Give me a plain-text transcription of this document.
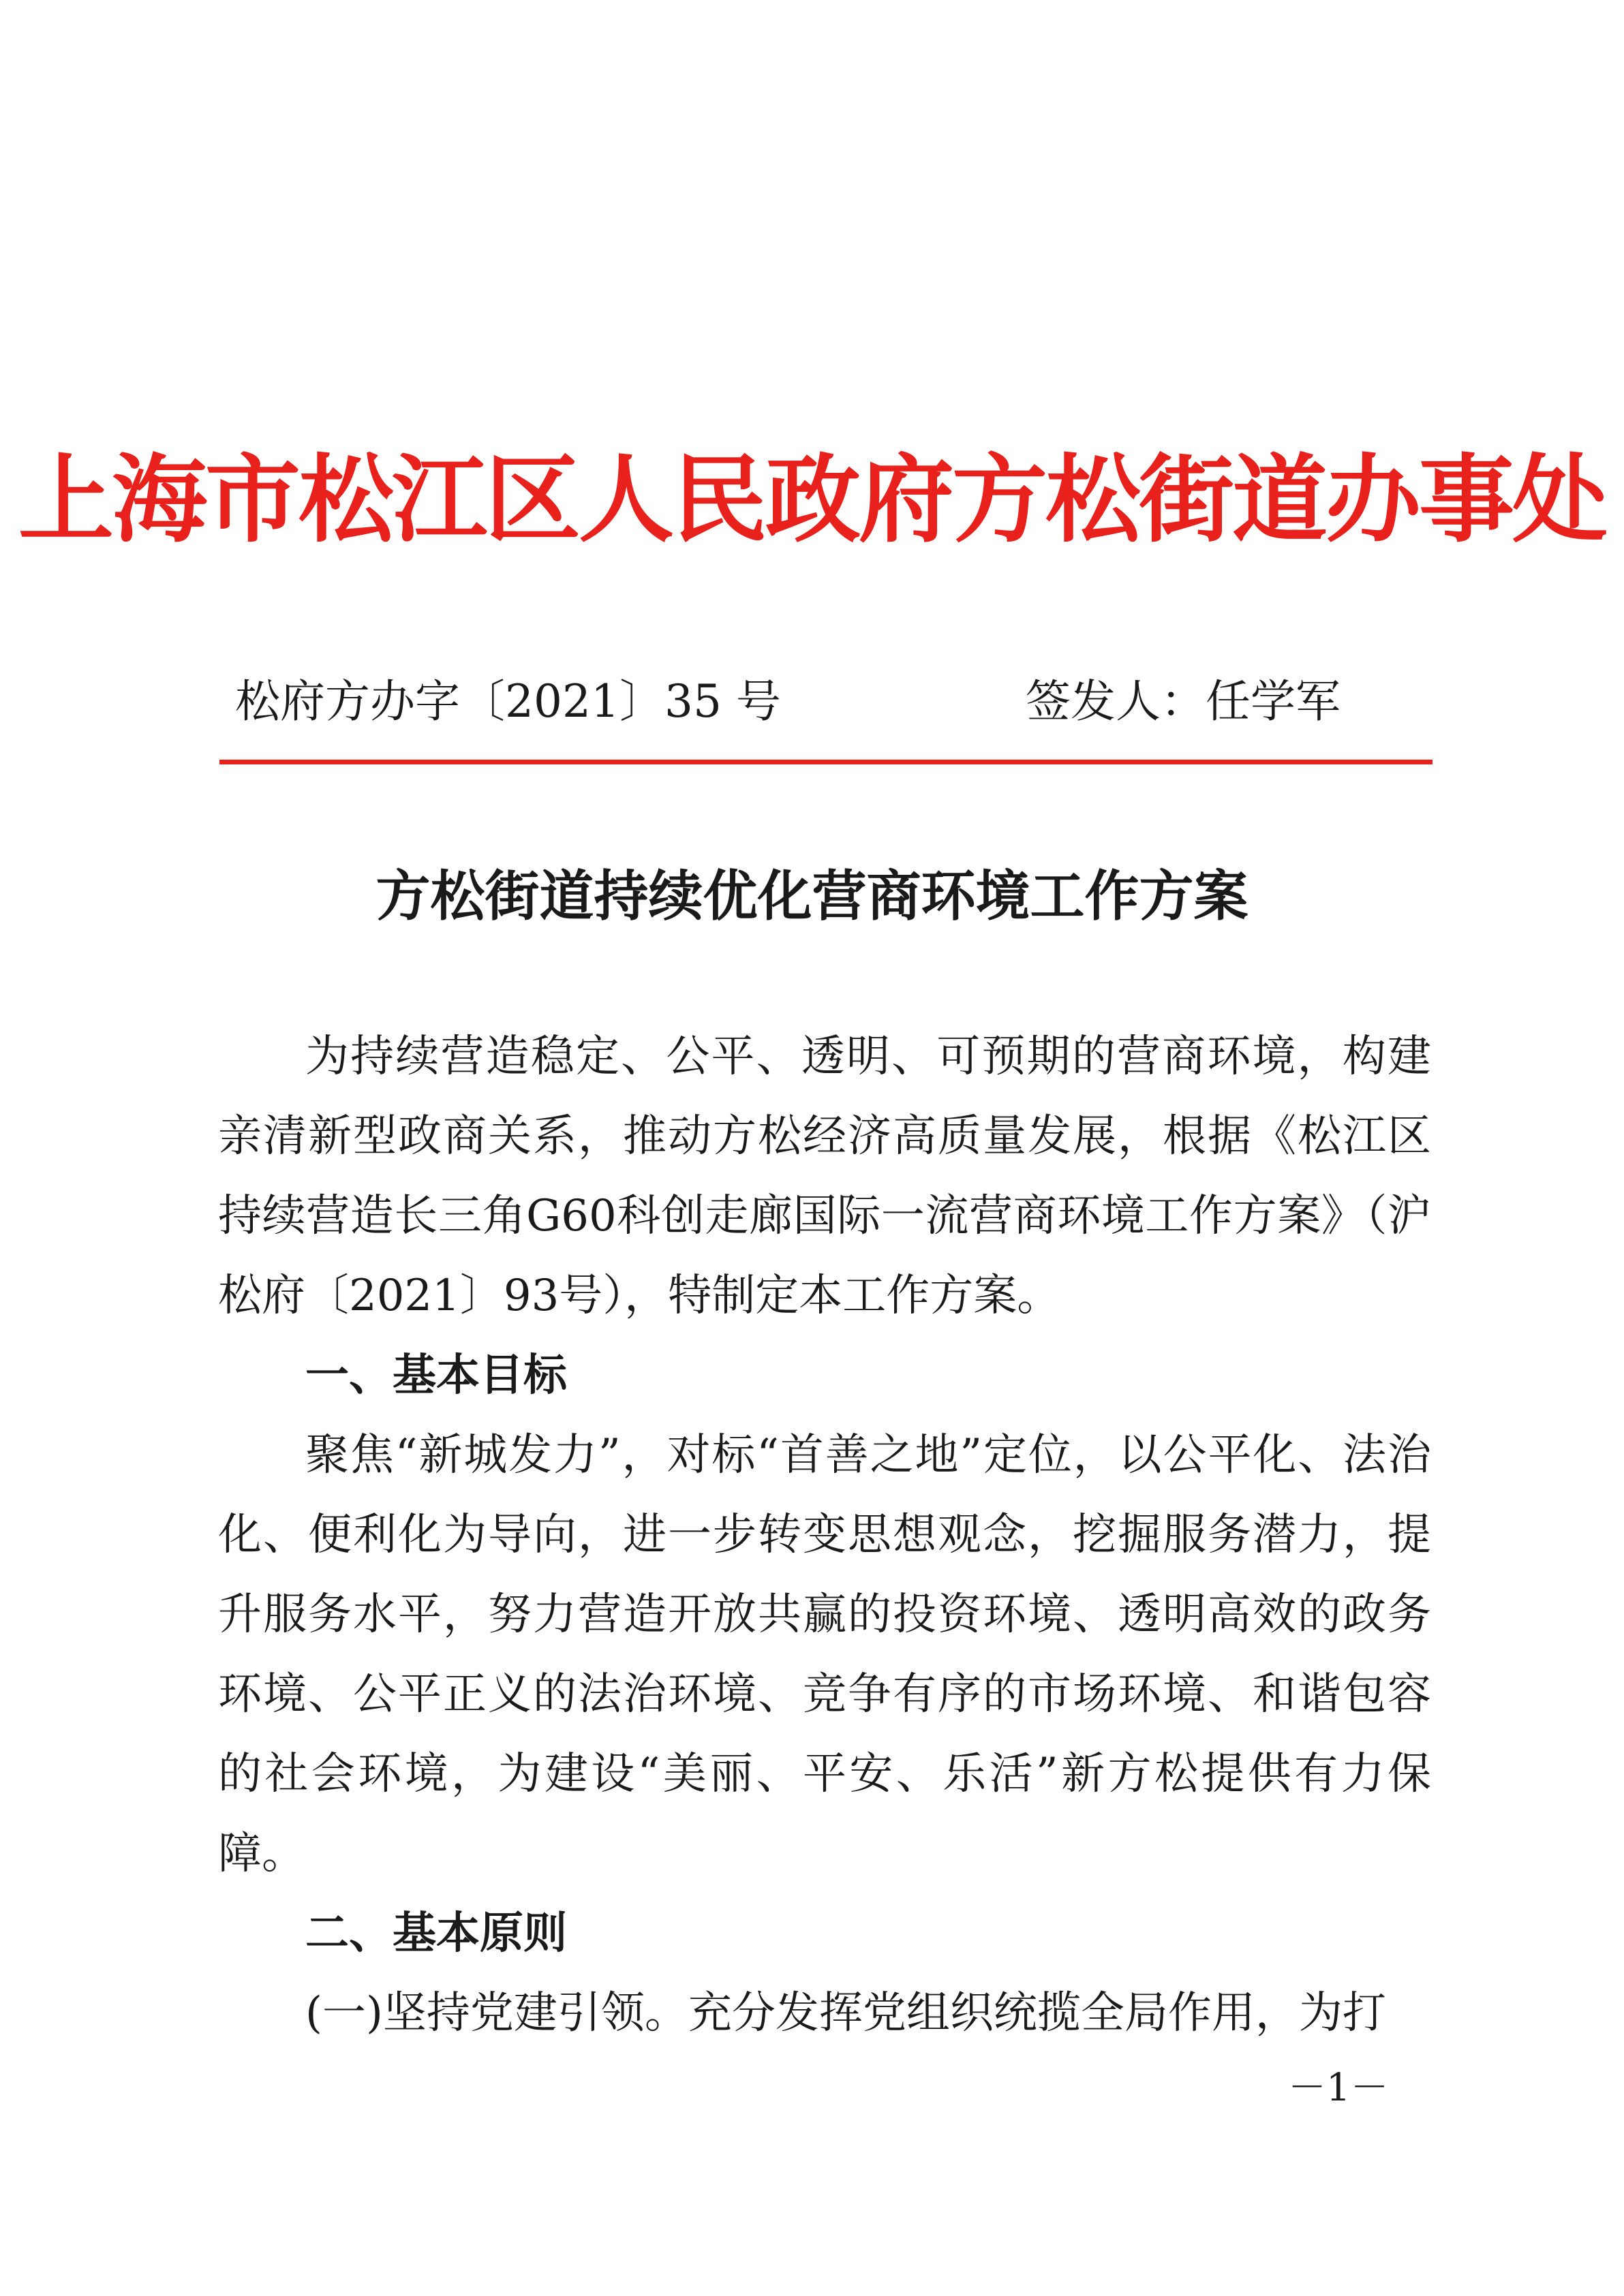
上海市松江区人民政府方松街道办事处
松府方办字〔2021〕35 号	签发人：任学军
方松街道持续优化营商环境工作方案

为持续营造稳定、公平、透明、可预期的营商环境，构建亲清新型政商关系，推动方松经济高质量发展，根据《松江区持续营造长三角G60科创走廊国际一流营商环境工作方案》（沪松府〔2021〕93号），特制定本工作方案。

一、基本目标

聚焦“新城发力”，对标“首善之地”定位，以公平化、法治化、便利化为导向，进一步转变思想观念，挖掘服务潜力，提升服务水平，努力营造开放共赢的投资环境、透明高效的政务环境、公平正义的法治环境、竞争有序的市场环境、和谐包容的社会环境，为建设“美丽、平安、乐活”新方松提供有力保障。

二、基本原则

(一)坚持党建引领。充分发挥党组织统揽全局作用，为打

－1－
